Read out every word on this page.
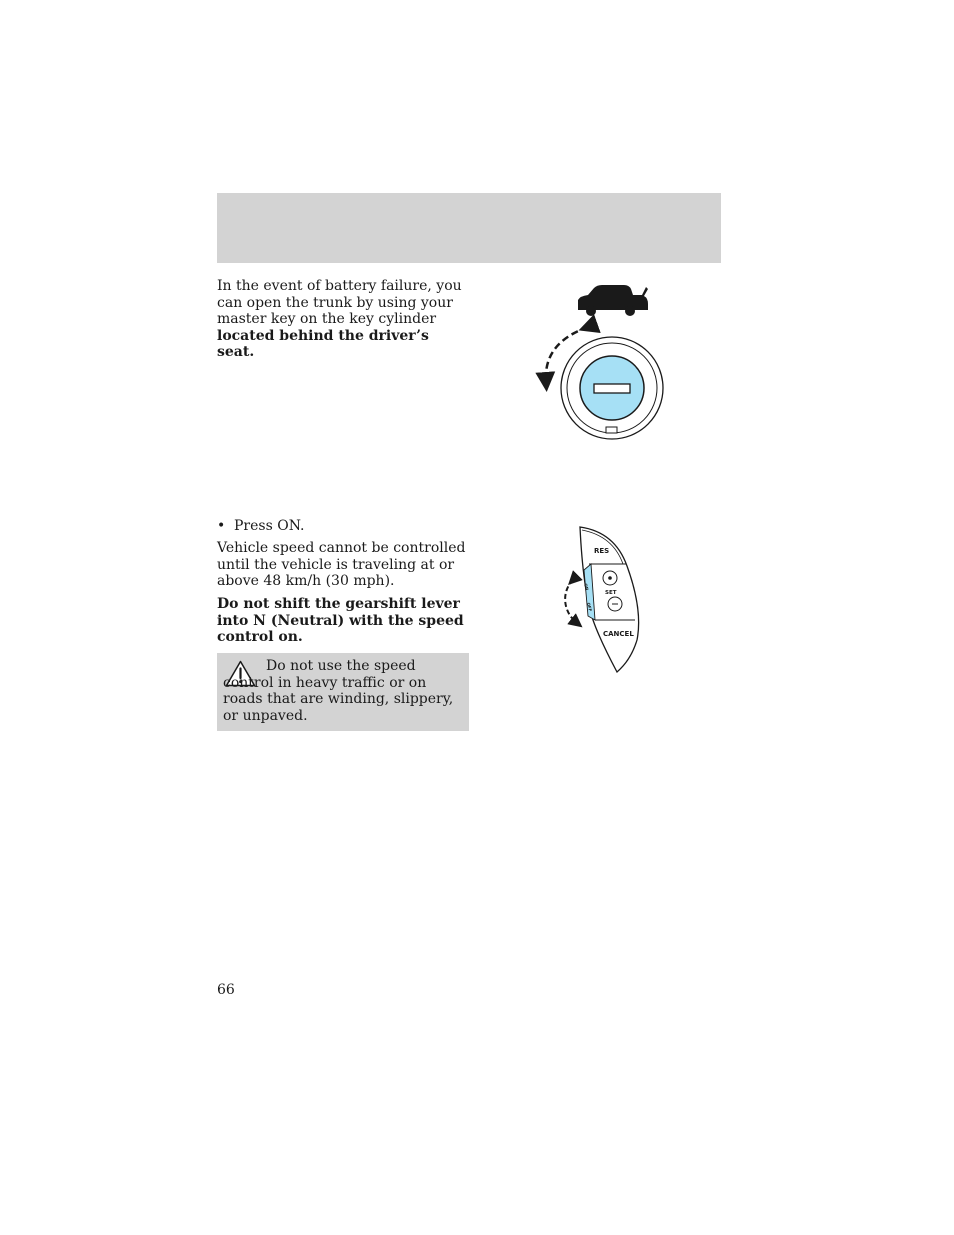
In the event of battery failure, you can open the trunk by using your master key on the key cylinder located behind the driver’s seat.

• Press ON.

Vehicle speed cannot be controlled until the vehicle is traveling at or above 48 km/h (30 mph).

Do not shift the gearshift lever into N (Neutral) with the speed control on.

Do not use the speed control in heavy traffic or on roads that are winding, slippery, or unpaved.

RES
SET
CANCEL
ON
OFF
66
